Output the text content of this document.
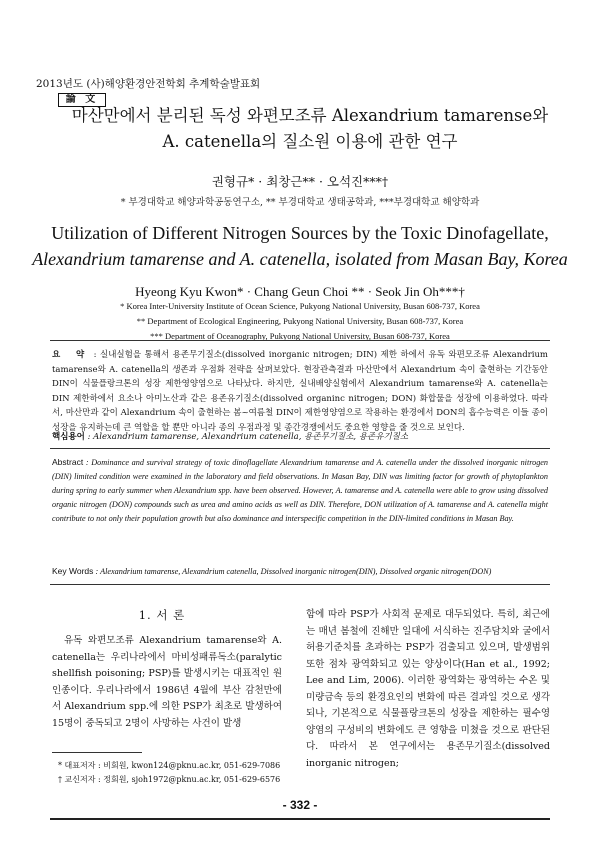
2013년도 (사)해양환경안전학회 추계학술발표회
論 文
마산만에서 분리된 독성 와편모조류 Alexandrium tamarense와
A. catenella의 질소원 이용에 관한 연구
권형규* · 최창근** · 오석진***†
* 부경대학교 해양과학공동연구소, ** 부경대학교 생태공학과, ***부경대학교 해양학과
Utilization of Different Nitrogen Sources by the Toxic Dinofagellate,
Alexandrium tamarense and A. catenella, isolated from Masan Bay, Korea
Hyeong Kyu Kwon* · Chang Geun Choi ** · Seok Jin Oh***†
* Korea Inter-University Institute of Ocean Science, Pukyong National University, Busan 608-737, Korea
** Department of Ecological Engineering, Pukyong National University, Busan 608-737, Korea
*** Department of Oceanography, Pukyong National University, Busan 608-737, Korea
요 약 : 실내실험을 통해서 용존무기질소(dissolved inorganic nitrogen; DIN) 제한 하에서 유독 와편모조류 Alexandrium tamarense와 A. catenella의 생존과 우점화 전략을 살펴보았다. 현장관측결과 마산만에서 Alexandrium 속이 출현하는 기간동안 DIN이 식물플랑크톤의 성장 제한영양염으로 나타났다. 하지만, 실내배양실험에서 Alexandrium tamarense와 A. catenella는 DIN 제한하에서 요소나 아미노산과 같은 용존유기질소(dissolved organinc nitrogen; DON) 화합물을 성장에 이용하였다. 따라서, 마산만과 같이 Alexandrium 속이 출현하는 봄~여름철 DIN이 제한영양염으로 작용하는 환경에서 DON의 흡수능력은 이들 종이 성장을 유지하는데 큰 역할을 할 뿐만 아니라 종의 우점과정 및 종간경쟁에서도 중요한 영향을 줄 것으로 보인다.
핵심용어 : Alexandrium tamarense, Alexandrium catenella, 용존무기질소, 용존유기질소
Abstract : Dominance and survival strategy of toxic dinoflagellate Alexandrium tamarense and A. catenella under the dissolved inorganic nitrogen (DIN) limited condition were examined in the laboratory and field observations. In Masan Bay, DIN was limiting factor for growth of phytoplankton during spring to early summer when Alexandrium spp. have been observed. However, A. tamarense and A. catenella were able to grow using dissolved organic nitrogen (DON) compounds such as urea and amino acids as well as DIN. Therefore, DON utilization of A. tamarense and A. catenella might contribute to not only their population growth but also dominance and interspecific competition in the DIN-limited conditions in Masan Bay.
Key Words : Alexandrium tamarense, Alexandrium catenella, Dissolved inorganic nitrogen(DIN), Dissolved organic nitrogen(DON)
1. 서 론

유독 와편모조류 Alexandrium tamarense와 A. catenella는 우리나라에서 마비성패류독소(paralytic shellfish poisoning; PSP)를 발생시키는 대표적인 원인종이다. 우리나라에서 1986년 4월에 부산 감천만에서 Alexandrium spp.에 의한 PSP가 최초로 발생하여 15명이 중독되고 2명이 사망하는 사건이 발생

함에 따라 PSP가 사회적 문제로 대두되었다. 특히, 최근에는 매년 봄철에 진해만 일대에 서식하는 진주담치와 굴에서 허용기준치를 초과하는 PSP가 검출되고 있으며, 발생범위 또한 점차 광역화되고 있는 양상이다(Han et al., 1992; Lee and Lim, 2006). 이러한 광역화는 광역하는 수온 및 미량금속 등의 환경요인의 변화에 따른 결과일 것으로 생각되나, 기본적으로 식물플랑크톤의 성장을 제한하는 필수영양염의 구성비의 변화에도 큰 영향을 미쳤을 것으로 판단된다. 따라서 본 연구에서는 용존무기질소(dissolved inorganic nitrogen;

* 대표저자 : 비회원, kwon124@pknu.ac.kr, 051-629-7086
† 교신저자 : 정회원, sjoh1972@pknu.ac.kr, 051-629-6576
- 332 -
